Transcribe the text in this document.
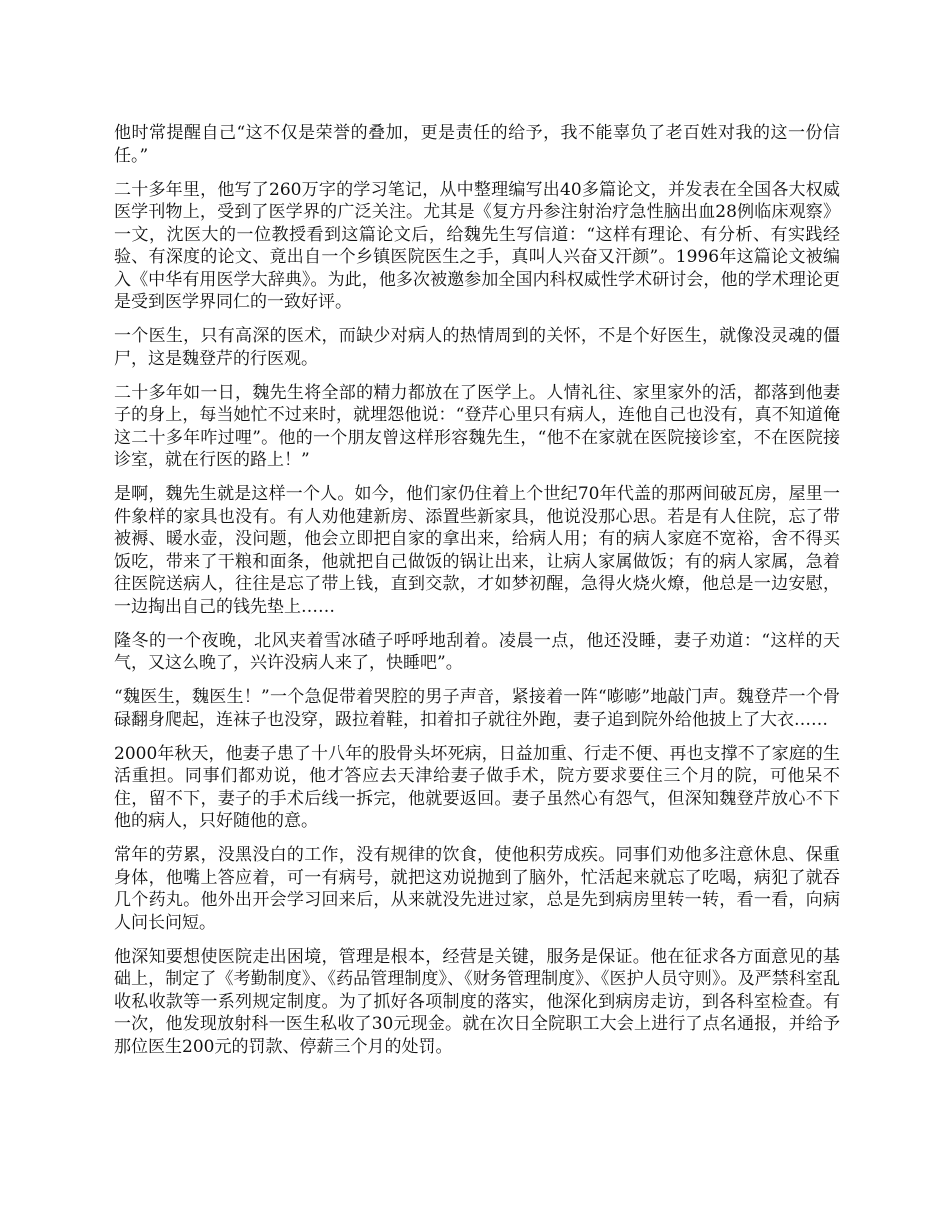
他时常提醒自己“这不仅是荣誉的叠加，更是责任的给予，我不能辜负了老百姓对我的这一份信任。”

二十多年里，他写了260万字的学习笔记，从中整理编写出40多篇论文，并发表在全国各大权威医学刊物上，受到了医学界的广泛关注。尤其是《复方丹参注射治疗急性脑出血28例临床观察》一文，沈医大的一位教授看到这篇论文后，给魏先生写信道：“这样有理论、有分析、有实践经验、有深度的论文、竟出自一个乡镇医院医生之手，真叫人兴奋又汗颜”。1996年这篇论文被编入《中华有用医学大辞典》。为此，他多次被邀参加全国内科权威性学术研讨会，他的学术理论更是受到医学界同仁的一致好评。

一个医生，只有高深的医术，而缺少对病人的热情周到的关怀，不是个好医生，就像没灵魂的僵尸，这是魏登芹的行医观。

二十多年如一日，魏先生将全部的精力都放在了医学上。人情礼往、家里家外的活，都落到他妻子的身上，每当她忙不过来时，就埋怨他说：“登芹心里只有病人，连他自己也没有，真不知道俺这二十多年咋过哩”。他的一个朋友曾这样形容魏先生，“他不在家就在医院接诊室，不在医院接诊室，就在行医的路上！”

是啊，魏先生就是这样一个人。如今，他们家仍住着上个世纪70年代盖的那两间破瓦房，屋里一件象样的家具也没有。有人劝他建新房、添置些新家具，他说没那心思。若是有人住院，忘了带被褥、暖水壶，没问题，他会立即把自家的拿出来，给病人用；有的病人家庭不宽裕，舍不得买饭吃，带来了干粮和面条，他就把自己做饭的锅让出来，让病人家属做饭；有的病人家属，急着往医院送病人，往往是忘了带上钱，直到交款，才如梦初醒，急得火烧火燎，他总是一边安慰，一边掏出自己的钱先垫上……

隆冬的一个夜晚，北风夹着雪冰碴子呼呼地刮着。凌晨一点，他还没睡，妻子劝道：“这样的天气，又这么晚了，兴许没病人来了，快睡吧”。

“魏医生，魏医生！”一个急促带着哭腔的男子声音，紧接着一阵“嘭嘭”地敲门声。魏登芹一个骨碌翻身爬起，连袜子也没穿，趿拉着鞋，扣着扣子就往外跑，妻子追到院外给他披上了大衣……

2000年秋天，他妻子患了十八年的股骨头坏死病，日益加重、行走不便、再也支撑不了家庭的生活重担。同事们都劝说，他才答应去天津给妻子做手术，院方要求要住三个月的院，可他呆不住，留不下，妻子的手术后线一拆完，他就要返回。妻子虽然心有怨气，但深知魏登芹放心不下他的病人，只好随他的意。

常年的劳累，没黑没白的工作，没有规律的饮食，使他积劳成疾。同事们劝他多注意休息、保重身体，他嘴上答应着，可一有病号，就把这劝说抛到了脑外，忙活起来就忘了吃喝，病犯了就吞几个药丸。他外出开会学习回来后，从来就没先进过家，总是先到病房里转一转，看一看，向病人问长问短。

他深知要想使医院走出困境，管理是根本，经营是关键，服务是保证。他在征求各方面意见的基础上，制定了《考勤制度》、《药品管理制度》、《财务管理制度》、《医护人员守则》。及严禁科室乱收私收款等一系列规定制度。为了抓好各项制度的落实，他深化到病房走访，到各科室检查。有一次，他发现放射科一医生私收了30元现金。就在次日全院职工大会上进行了点名通报，并给予那位医生200元的罚款、停薪三个月的处罚。
